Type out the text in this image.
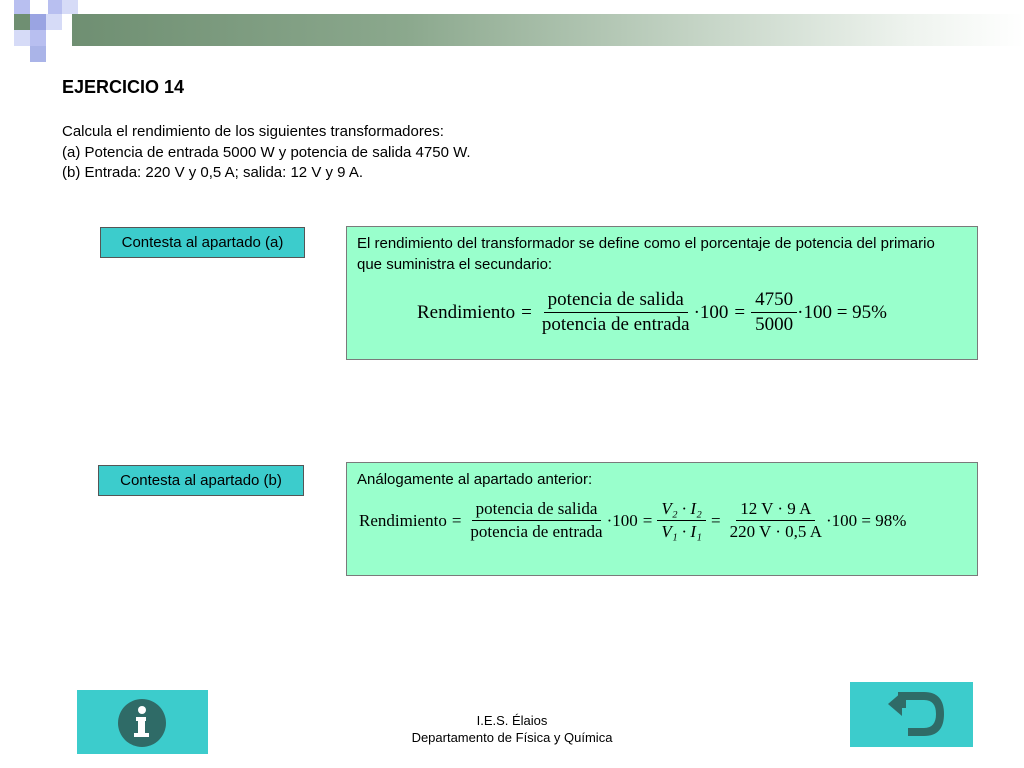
EJERCICIO 14
Calcula el rendimiento de los siguientes transformadores:
(a) Potencia de entrada 5000 W y potencia de salida 4750 W.
(b) Entrada: 220 V y 0,5 A; salida: 12 V y 9 A.
Contesta al apartado (a)	El rendimiento del transformador se define como el porcentaje de potencia del primario que suministra el secundario:
Rendimiento = $\frac{\text{potencia de salida}}{\text{potencia de entrada}} \cdot 100 = \frac{4750}{5000} \cdot 100 = 95\%$
Contesta al apartado (b)	Análogamente al apartado anterior:
Rendimiento = $\frac{\text{potencia de salida}}{\text{potencia de entrada}} \cdot 100 = \frac{\text{V₂ · I₂}}{\text{V₁ · I₁}} = \frac{12 V \cdot 9 A}{220 V \cdot 0,5 A} \cdot 100 = 98\%$
I.E.S. Élaios
Departamento de Física y Química
